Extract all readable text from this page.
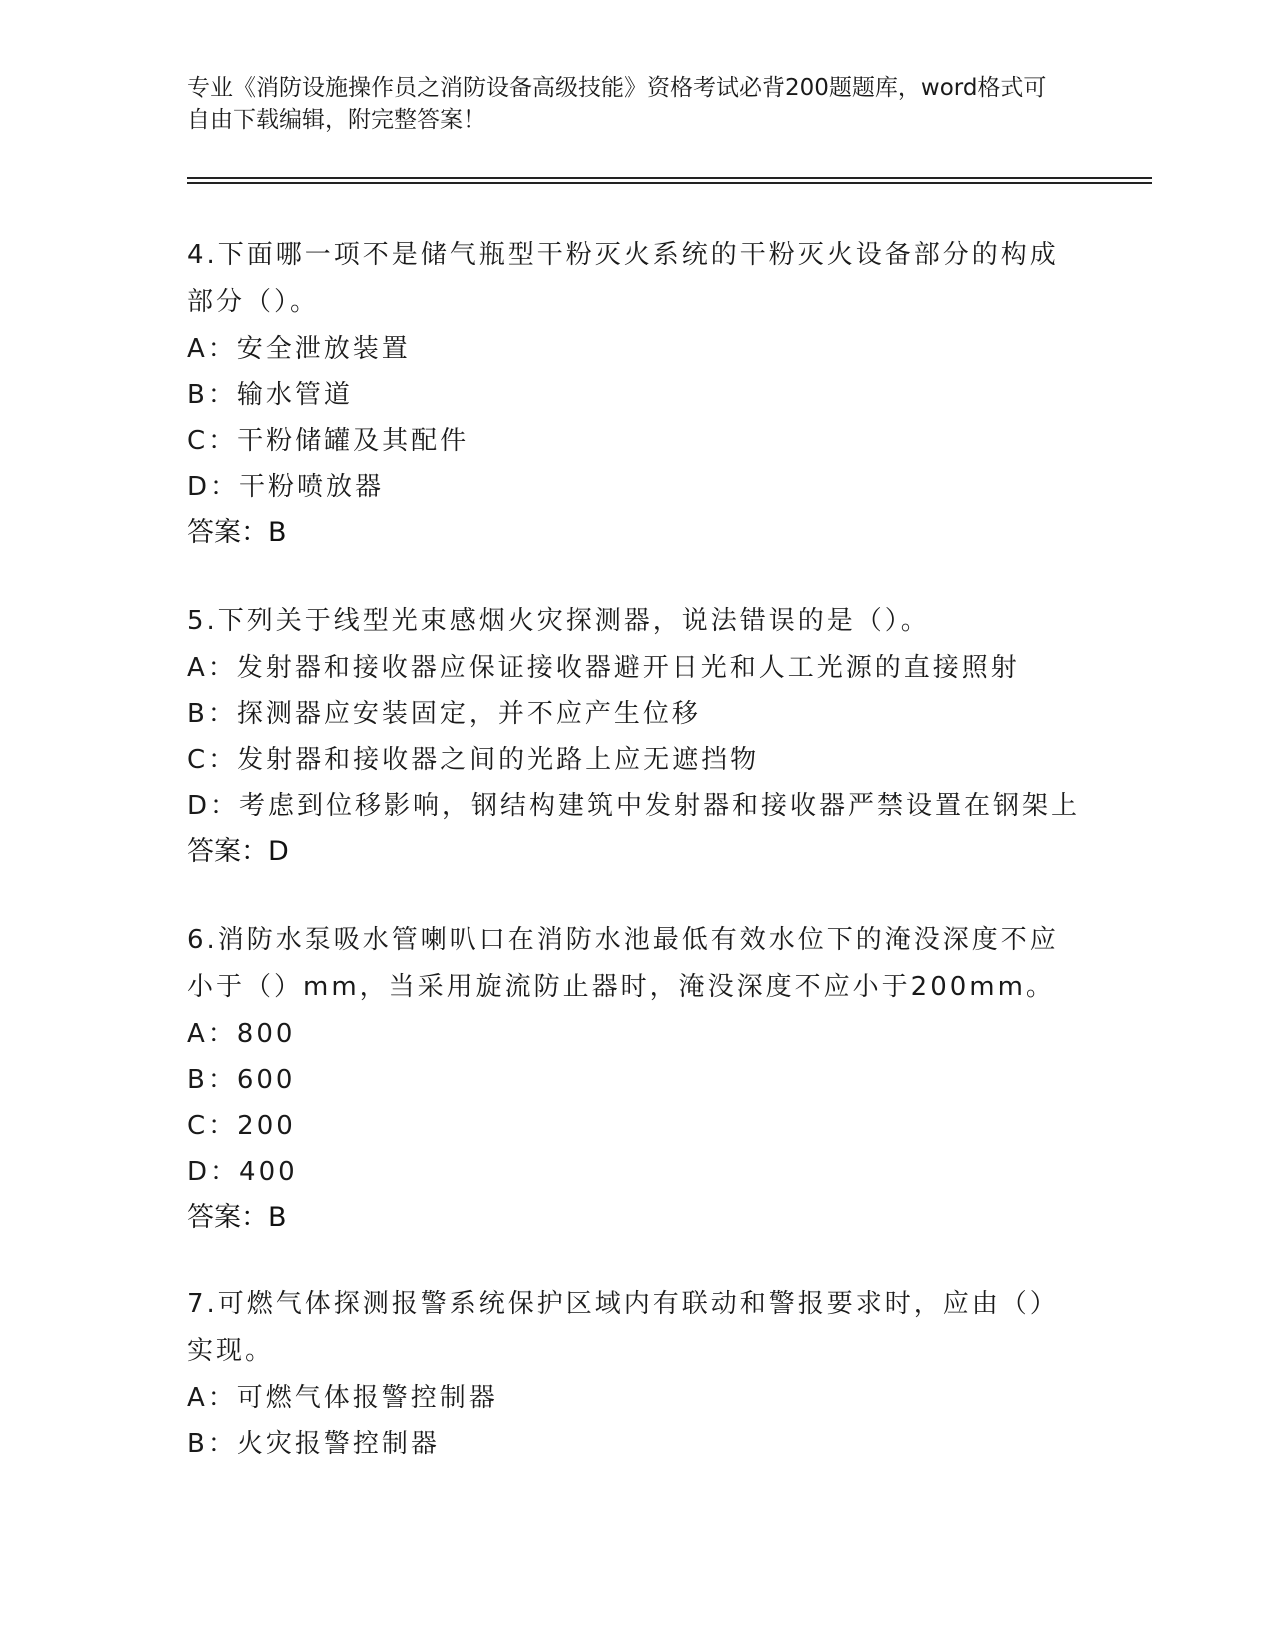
专业《消防设施操作员之消防设备高级技能》资格考试必背200题题库，word格式可自由下载编辑，附完整答案！

4.下面哪一项不是储气瓶型干粉灭火系统的干粉灭火设备部分的构成部分（）。

A：安全泄放装置

B：输水管道

C：干粉储罐及其配件

D：干粉喷放器

答案：B

5.下列关于线型光束感烟火灾探测器，说法错误的是（）。

A：发射器和接收器应保证接收器避开日光和人工光源的直接照射

B：探测器应安装固定，并不应产生位移

C：发射器和接收器之间的光路上应无遮挡物

D：考虑到位移影响，钢结构建筑中发射器和接收器严禁设置在钢架上

答案：D

6.消防水泵吸水管喇叭口在消防水池最低有效水位下的淹没深度不应小于（）mm，当采用旋流防止器时，淹没深度不应小于200mm。

A：800

B：600

C：200

D：400

答案：B

7.可燃气体探测报警系统保护区域内有联动和警报要求时，应由（）实现。

A：可燃气体报警控制器

B：火灾报警控制器
